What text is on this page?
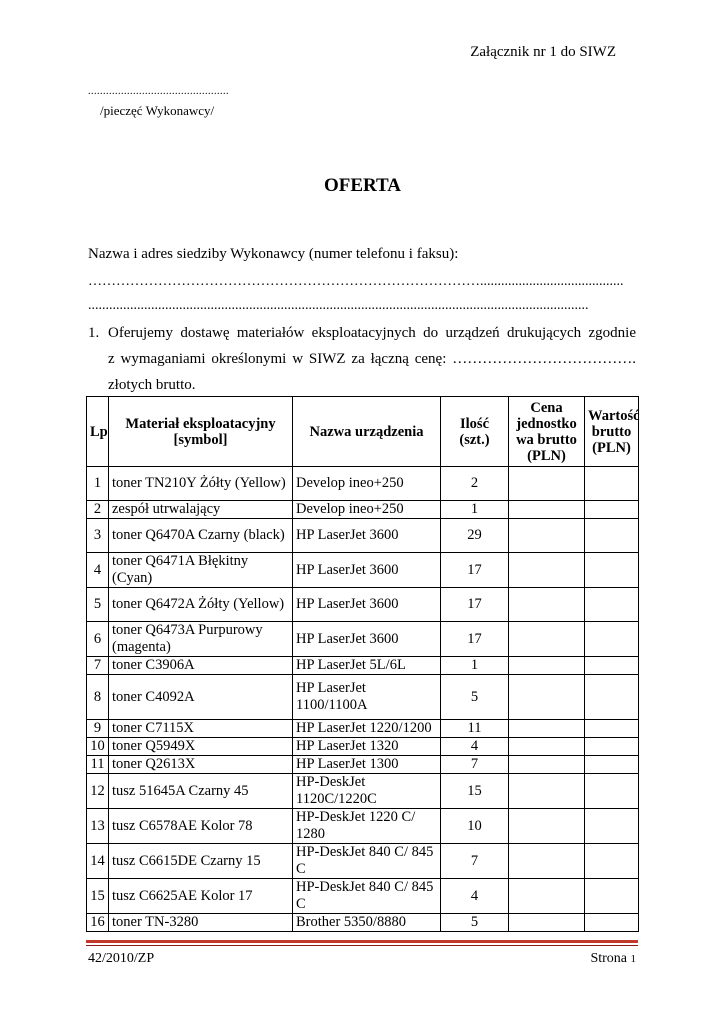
Załącznik nr 1 do SIWZ
...............................................
/pieczęć Wykonawcy/
OFERTA
Nazwa i adres siedziby Wykonawcy (numer telefonu i faksu):
………………………………………………………………………….........................................
...............................................................................................................................................
1. Oferujemy dostawę materiałów eksploatacyjnych do urządzeń drukujących zgodnie
z wymaganiami określonymi w SIWZ za łączną cenę: ……………………………….
złotych brutto.
Lp	Materiał eksploatacyjny [symbol]	Nazwa urządzenia	Ilość (szt.)	Cena jednostko wa brutto (PLN)	Wartość brutto (PLN)
1	toner TN210Y Żółty (Yellow)	Develop ineo+250	2		
2	zespół utrwalający	Develop ineo+250	1		
3	toner Q6470A Czarny (black)	HP LaserJet 3600	29		
4	toner Q6471A Błękitny (Cyan)	HP LaserJet 3600	17		
5	toner Q6472A Żółty (Yellow)	HP LaserJet 3600	17		
6	toner Q6473A Purpurowy (magenta)	HP LaserJet 3600	17		
7	toner C3906A	HP LaserJet 5L/6L	1		
8	toner C4092A	HP LaserJet 1100/1100A	5		
9	toner C7115X	HP LaserJet 1220/1200	11		
10	toner Q5949X	HP LaserJet 1320	4		
11	toner Q2613X	HP LaserJet 1300	7		
12	tusz 51645A Czarny 45	HP-DeskJet 1120C/1220C	15		
13	tusz C6578AE Kolor 78	HP-DeskJet 1220 C/ 1280	10		
14	tusz C6615DE Czarny 15	HP-DeskJet 840 C/ 845 C	7		
15	tusz C6625AE Kolor 17	HP-DeskJet 840 C/ 845 C	4		
16	toner TN-3280	Brother 5350/8880	5		
42/2010/ZP	Strona 1
